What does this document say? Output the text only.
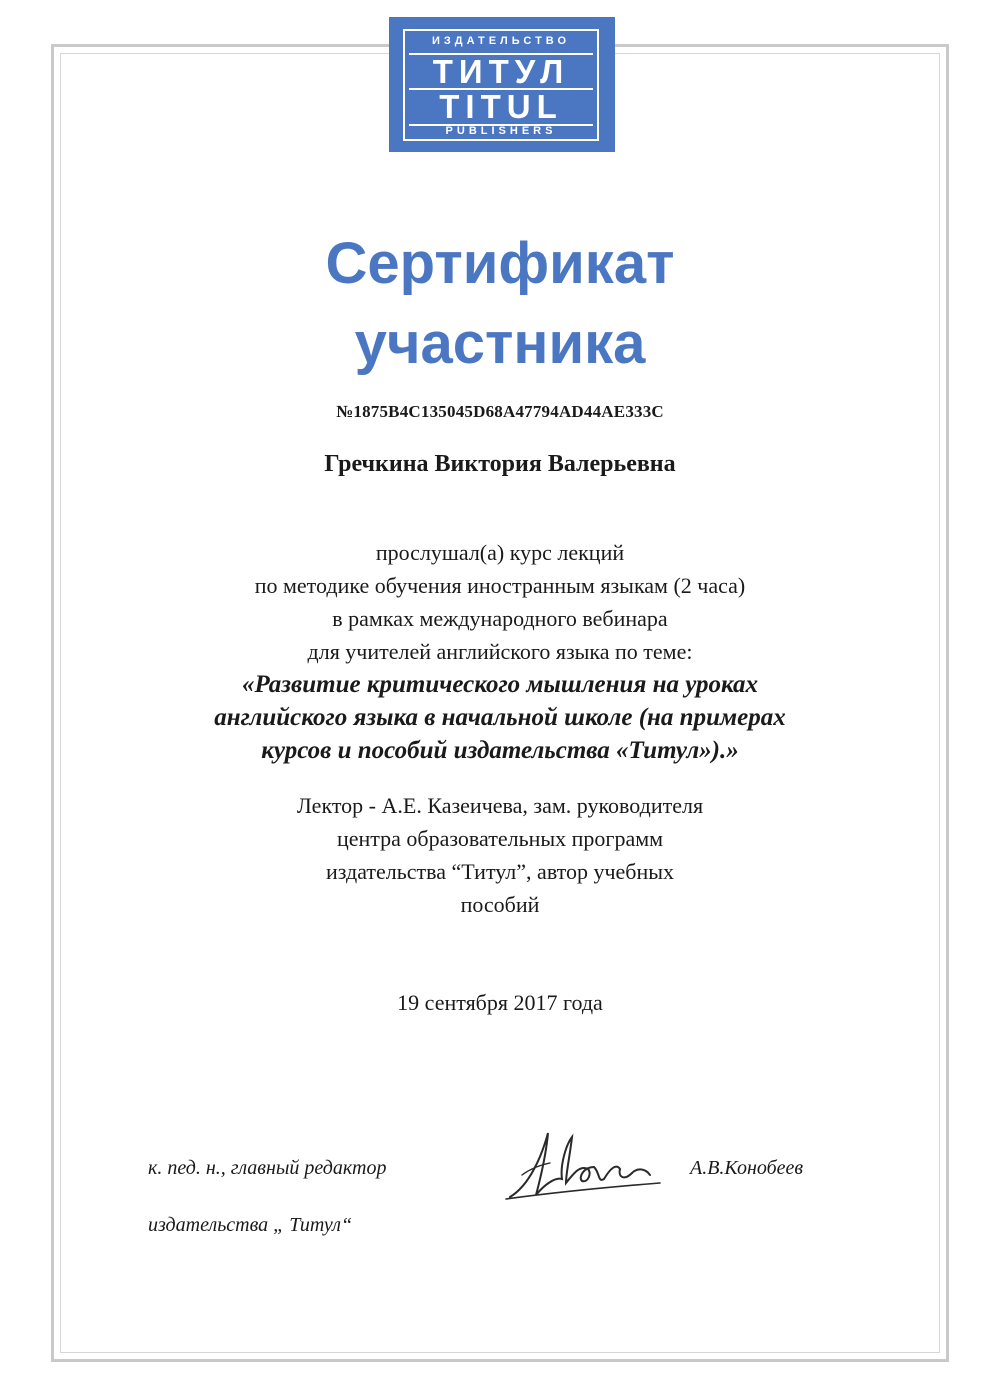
ИЗДАТЕЛЬСТВО
ТИТУЛ
TITUL
PUBLISHERS
Сертификат
участника
№1875B4C135045D68A47794AD44AE333C
Гречкина Виктория Валерьевна
прослушал(а) курс лекций
по методике обучения иностранным языкам (2 часа)
в рамках международного вебинара
для учителей английского языка по теме:
«Развитие критического мышления на уроках
английского языка в начальной школе (на примерах
курсов и пособий издательства «Титул»).»
Лектор - А.Е. Казеичева, зам. руководителя
центра образовательных программ
издательства “Титул”, автор учебных
пособий
19 сентября 2017 года
к. пед. н., главный редактор
издательства „ Титул“
А.В.Конобеев
